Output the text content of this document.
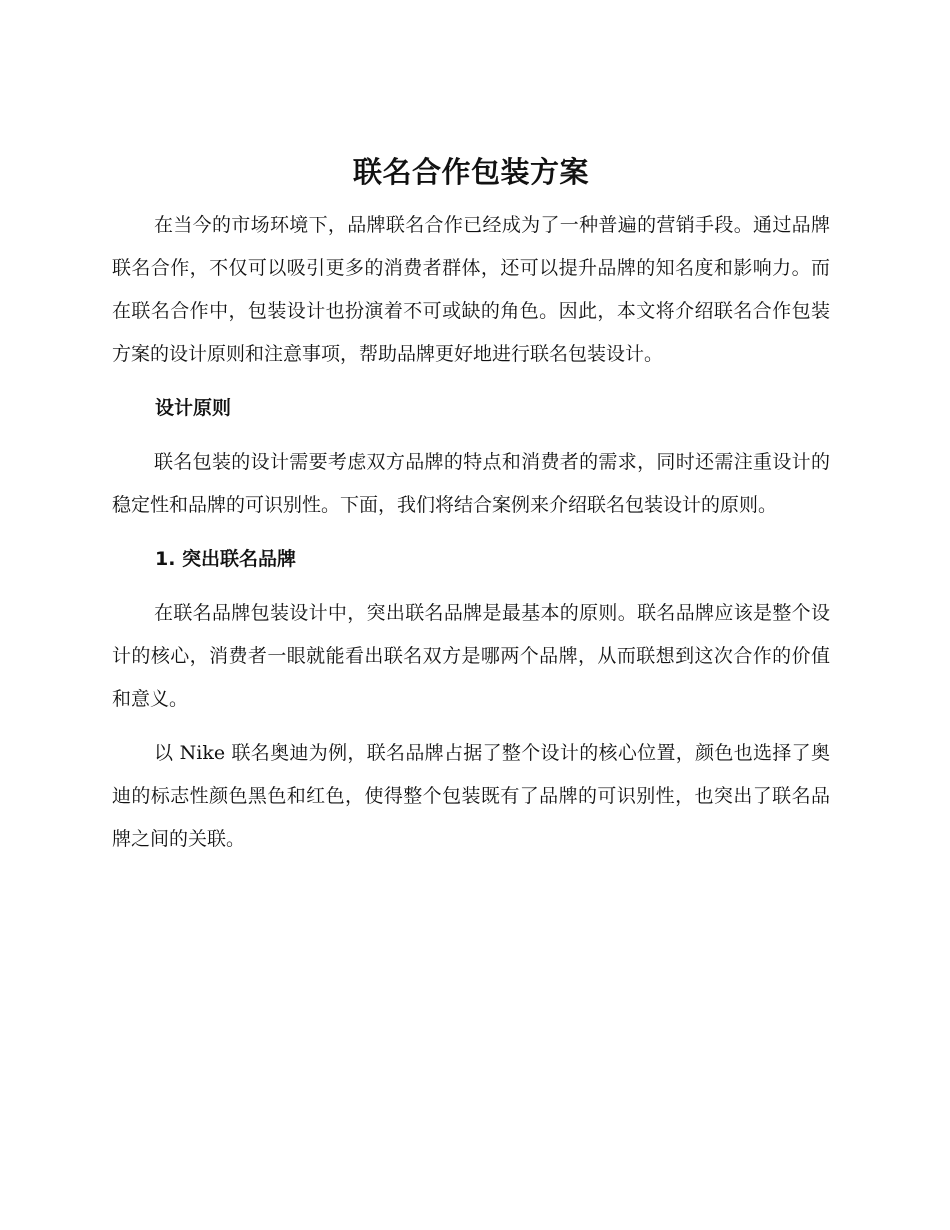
联名合作包装方案

在当今的市场环境下，品牌联名合作已经成为了一种普遍的营销手段。通过品牌联名合作，不仅可以吸引更多的消费者群体，还可以提升品牌的知名度和影响力。而在联名合作中，包装设计也扮演着不可或缺的角色。因此，本文将介绍联名合作包装方案的设计原则和注意事项，帮助品牌更好地进行联名包装设计。

设计原则

联名包装的设计需要考虑双方品牌的特点和消费者的需求，同时还需注重设计的稳定性和品牌的可识别性。下面，我们将结合案例来介绍联名包装设计的原则。

1. 突出联名品牌

在联名品牌包装设计中，突出联名品牌是最基本的原则。联名品牌应该是整个设计的核心，消费者一眼就能看出联名双方是哪两个品牌，从而联想到这次合作的价值和意义。

以 Nike 联名奥迪为例，联名品牌占据了整个设计的核心位置，颜色也选择了奥迪的标志性颜色黑色和红色，使得整个包装既有了品牌的可识别性，也突出了联名品牌之间的关联。
